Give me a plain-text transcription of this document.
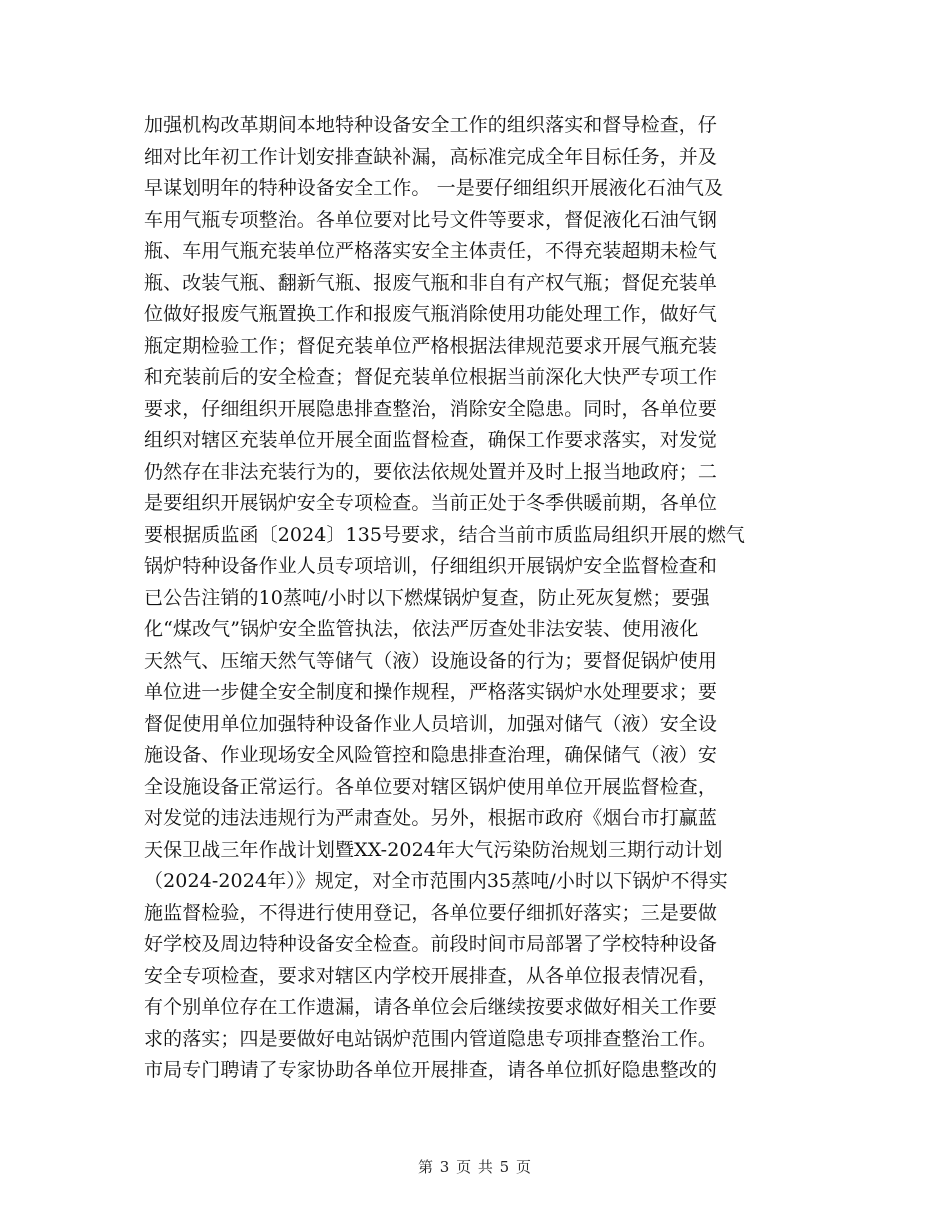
加强机构改革期间本地特种设备安全工作的组织落实和督导检查，仔
细对比年初工作计划安排查缺补漏，高标准完成全年目标任务，并及
早谋划明年的特种设备安全工作。 一是要仔细组织开展液化石油气及
车用气瓶专项整治。各单位要对比号文件等要求，督促液化石油气钢
瓶、车用气瓶充装单位严格落实安全主体责任，不得充装超期未检气
瓶、改装气瓶、翻新气瓶、报废气瓶和非自有产权气瓶；督促充装单
位做好报废气瓶置换工作和报废气瓶消除使用功能处理工作，做好气
瓶定期检验工作；督促充装单位严格根据法律规范要求开展气瓶充装
和充装前后的安全检查；督促充装单位根据当前深化大快严专项工作
要求，仔细组织开展隐患排查整治，消除安全隐患。同时，各单位要
组织对辖区充装单位开展全面监督检查，确保工作要求落实，对发觉
仍然存在非法充装行为的，要依法依规处置并及时上报当地政府；二
是要组织开展锅炉安全专项检查。当前正处于冬季供暖前期，各单位
要根据质监函〔2024〕135号要求，结合当前市质监局组织开展的燃气
锅炉特种设备作业人员专项培训，仔细组织开展锅炉安全监督检查和
已公告注销的10蒸吨/小时以下燃煤锅炉复查，防止死灰复燃；要强
化“煤改气”锅炉安全监管执法，依法严厉查处非法安装、使用液化
天然气、压缩天然气等储气（液）设施设备的行为；要督促锅炉使用
单位进一步健全安全制度和操作规程，严格落实锅炉水处理要求；要
督促使用单位加强特种设备作业人员培训，加强对储气（液）安全设
施设备、作业现场安全风险管控和隐患排查治理，确保储气（液）安
全设施设备正常运行。各单位要对辖区锅炉使用单位开展监督检查，
对发觉的违法违规行为严肃查处。另外，根据市政府《烟台市打赢蓝
天保卫战三年作战计划暨XX-2024年大气污染防治规划三期行动计划
（2024-2024年）》规定，对全市范围内35蒸吨/小时以下锅炉不得实
施监督检验，不得进行使用登记，各单位要仔细抓好落实；三是要做
好学校及周边特种设备安全检查。前段时间市局部署了学校特种设备
安全专项检查，要求对辖区内学校开展排查，从各单位报表情况看，
有个别单位存在工作遗漏，请各单位会后继续按要求做好相关工作要
求的落实；四是要做好电站锅炉范围内管道隐患专项排查整治工作。
市局专门聘请了专家协助各单位开展排查，请各单位抓好隐患整改的
第 3 页 共 5 页
